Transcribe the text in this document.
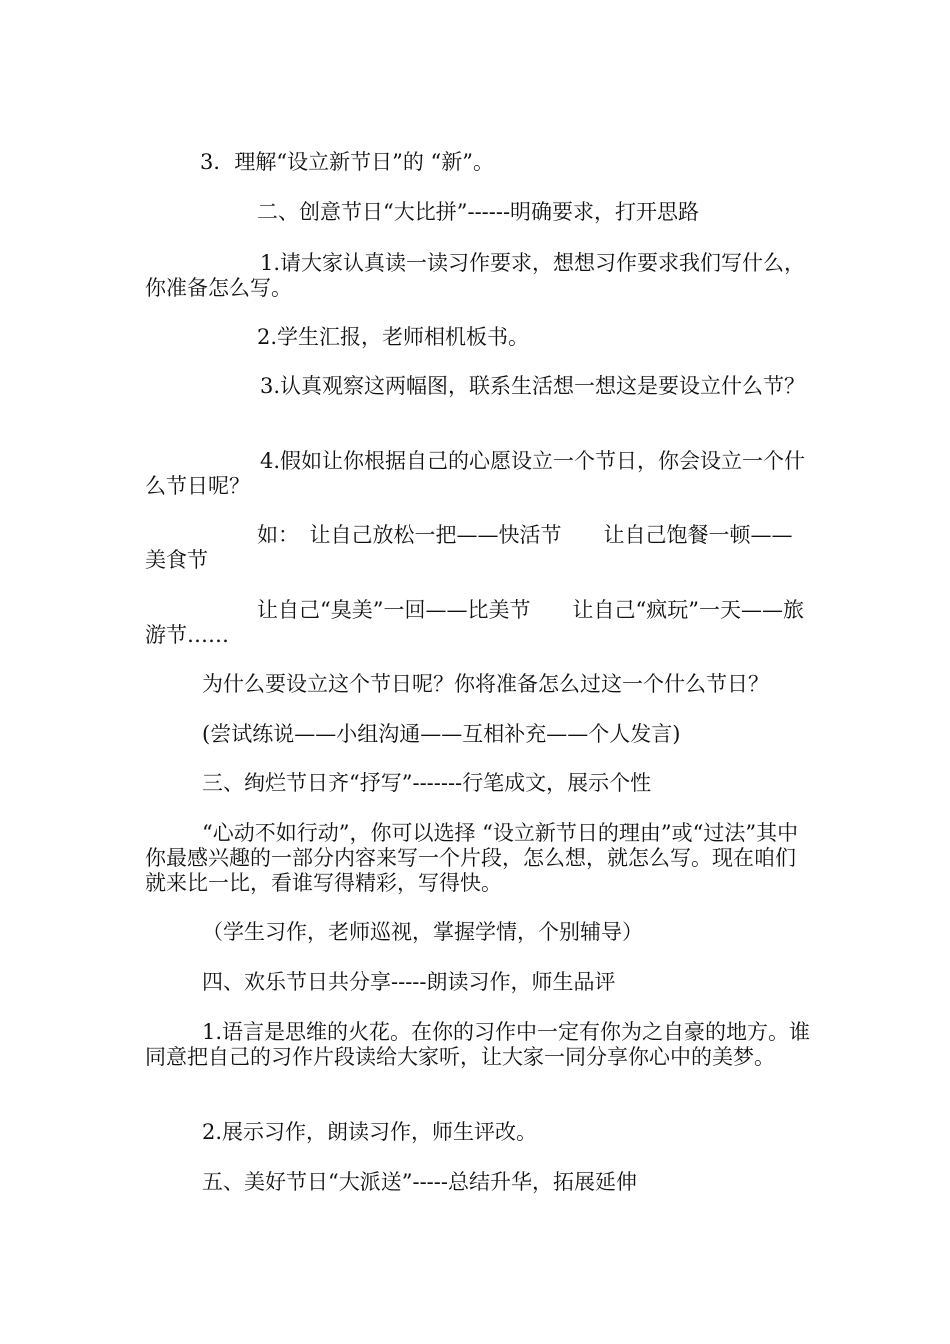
3．理解“设立新节日”的 “新”。

二、创意节日“大比拼”------明确要求，打开思路

1.请大家认真读一读习作要求，想想习作要求我们写什么，你准备怎么写。

2.学生汇报，老师相机板书。

3.认真观察这两幅图，联系生活想一想这是要设立什么节？

4.假如让你根据自己的心愿设立一个节日，你会设立一个什么节日呢？

如：　让自己放松一把——快活节　　让自己饱餐一顿——美食节

让自己“臭美”一回——比美节　　让自己“疯玩”一天——旅游节……

为什么要设立这个节日呢？你将准备怎么过这一个什么节日？

(尝试练说——小组沟通——互相补充——个人发言)

三、绚烂节日齐“抒写”-------行笔成文，展示个性

“心动不如行动”，你可以选择 “设立新节日的理由”或“过法”其中你最感兴趣的一部分内容来写一个片段，怎么想，就怎么写。现在咱们就来比一比，看谁写得精彩，写得快。

（学生习作，老师巡视，掌握学情，个别辅导）

四、欢乐节日共分享-----朗读习作，师生品评

1.语言是思维的火花。在你的习作中一定有你为之自豪的地方。谁同意把自己的习作片段读给大家听，让大家一同分享你心中的美梦。

2.展示习作，朗读习作，师生评改。

五、美好节日“大派送”-----总结升华，拓展延伸
